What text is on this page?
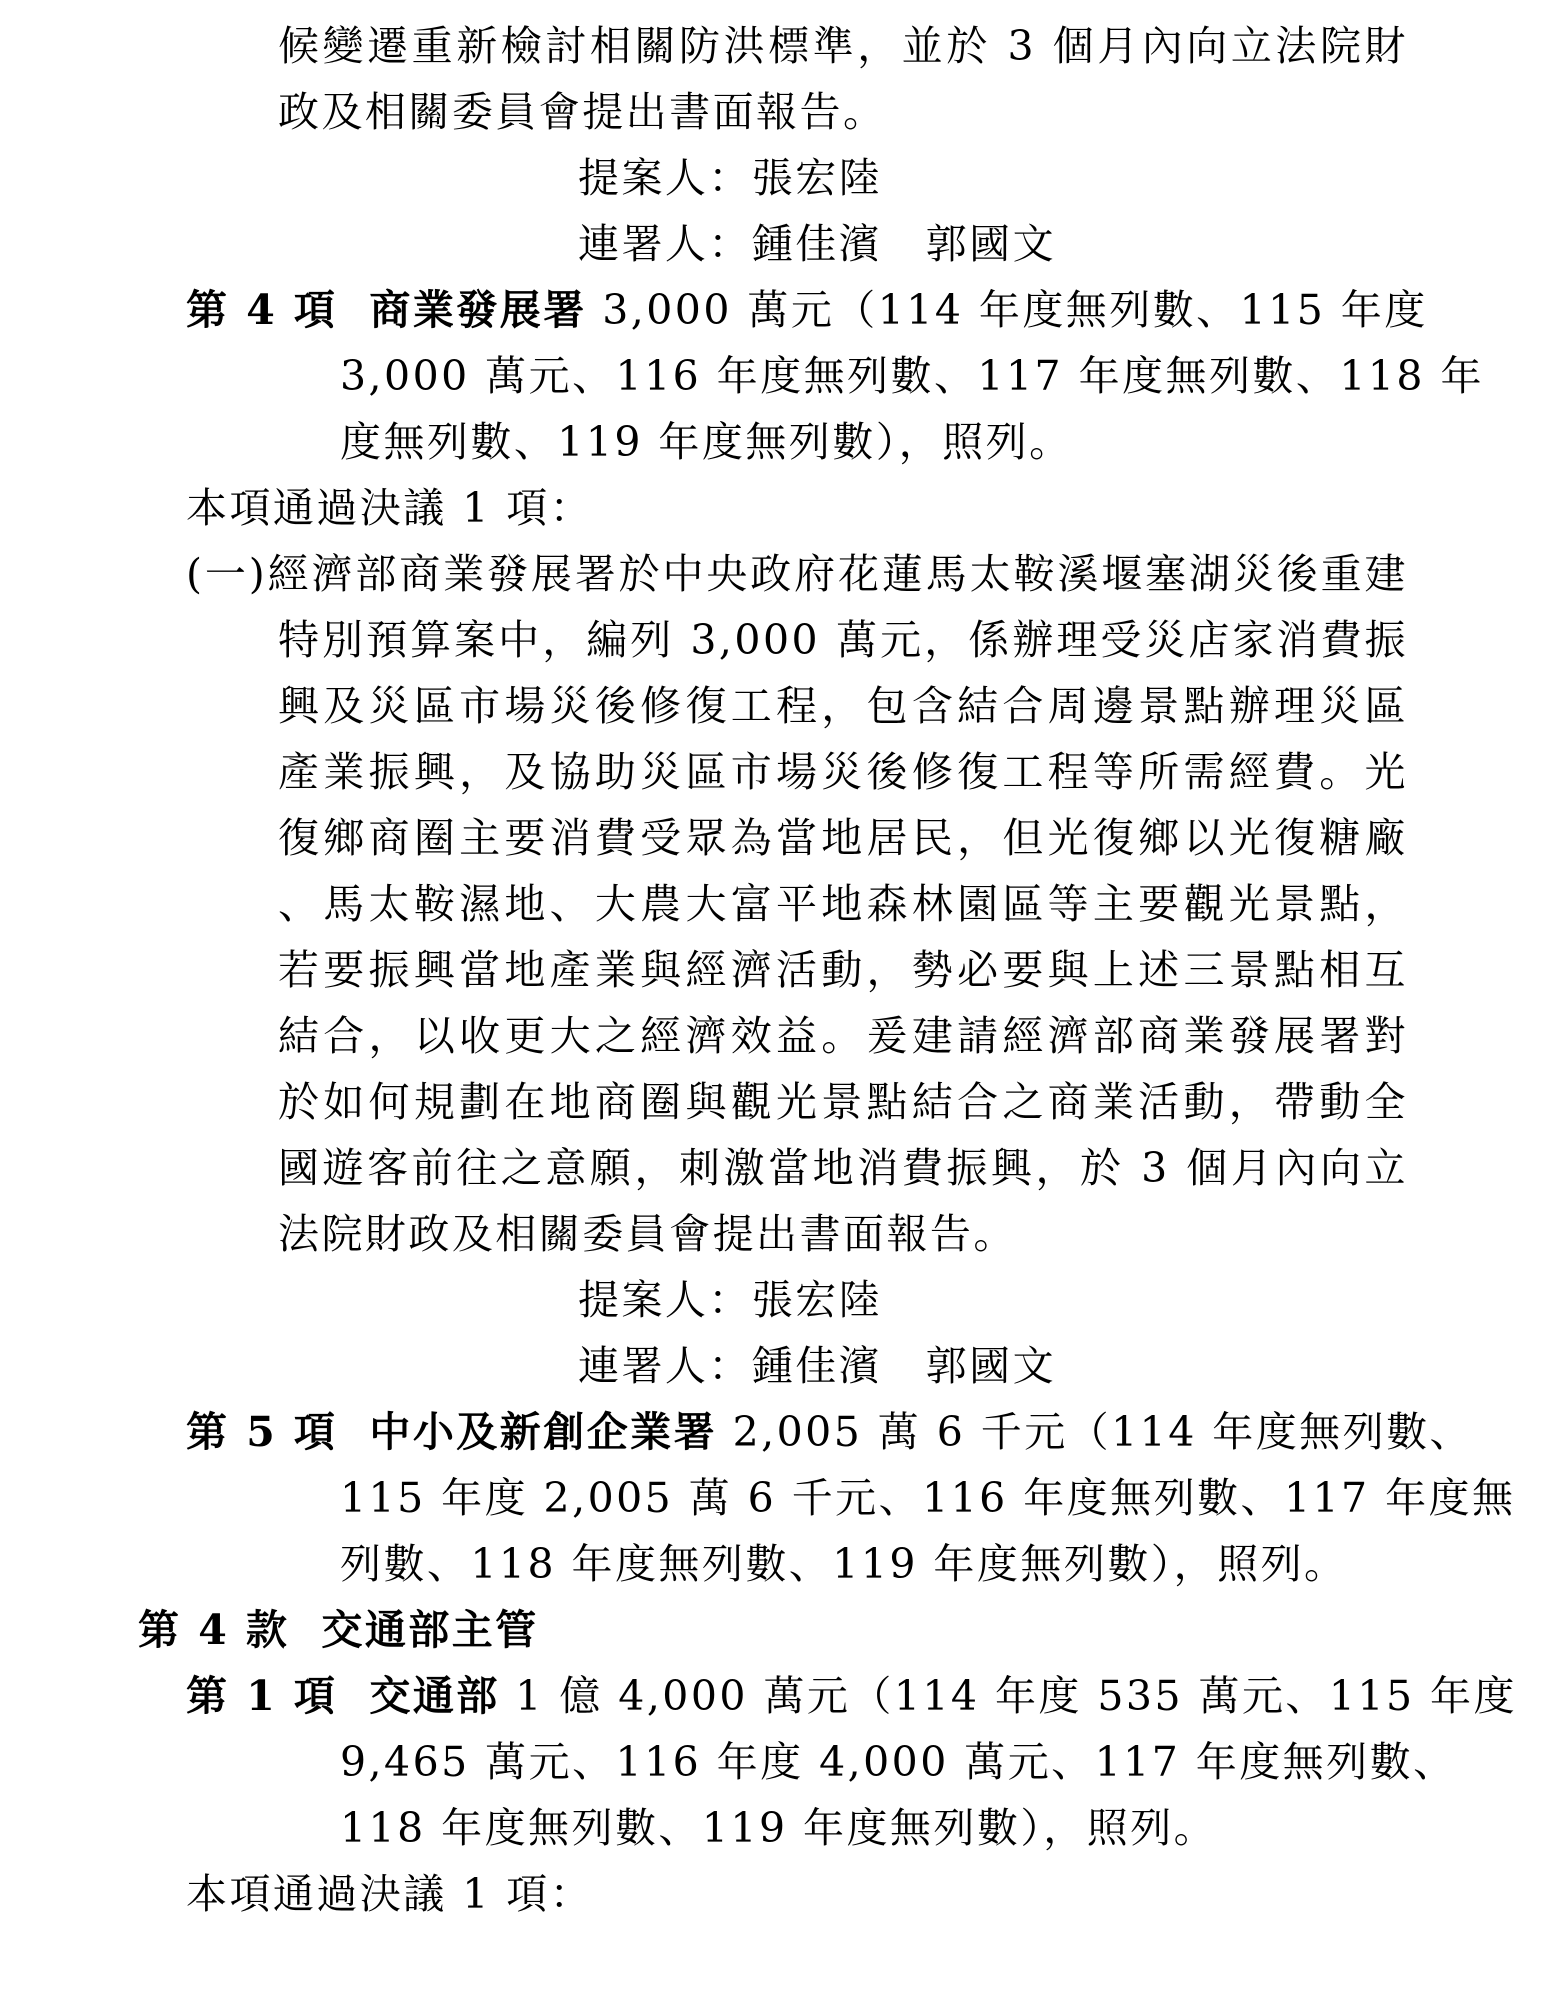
候變遷重新檢討相關防洪標準，並於 3 個月內向立法院財
政及相關委員會提出書面報告。
提案人：張宏陸
連署人：鍾佳濱　郭國文
第 4 項 商業發展署 3,000 萬元（114 年度無列數、115 年度
3,000 萬元、116 年度無列數、117 年度無列數、118 年
度無列數、119 年度無列數），照列。
本項通過決議 1 項：
(一)經濟部商業發展署於中央政府花蓮馬太鞍溪堰塞湖災後重建
特別預算案中，編列 3,000 萬元，係辦理受災店家消費振
興及災區市場災後修復工程，包含結合周邊景點辦理災區
產業振興，及協助災區市場災後修復工程等所需經費。光
復鄉商圈主要消費受眾為當地居民，但光復鄉以光復糖廠
、馬太鞍濕地、大農大富平地森林園區等主要觀光景點，
若要振興當地產業與經濟活動，勢必要與上述三景點相互
結合，以收更大之經濟效益。爰建請經濟部商業發展署對
於如何規劃在地商圈與觀光景點結合之商業活動，帶動全
國遊客前往之意願，刺激當地消費振興，於 3 個月內向立
法院財政及相關委員會提出書面報告。
提案人：張宏陸
連署人：鍾佳濱　郭國文
第 5 項 中小及新創企業署 2,005 萬 6 千元（114 年度無列數、
115 年度 2,005 萬 6 千元、116 年度無列數、117 年度無
列數、118 年度無列數、119 年度無列數），照列。
第 4 款 交通部主管
第 1 項 交通部 1 億 4,000 萬元（114 年度 535 萬元、115 年度
9,465 萬元、116 年度 4,000 萬元、117 年度無列數、
118 年度無列數、119 年度無列數），照列。
本項通過決議 1 項：
